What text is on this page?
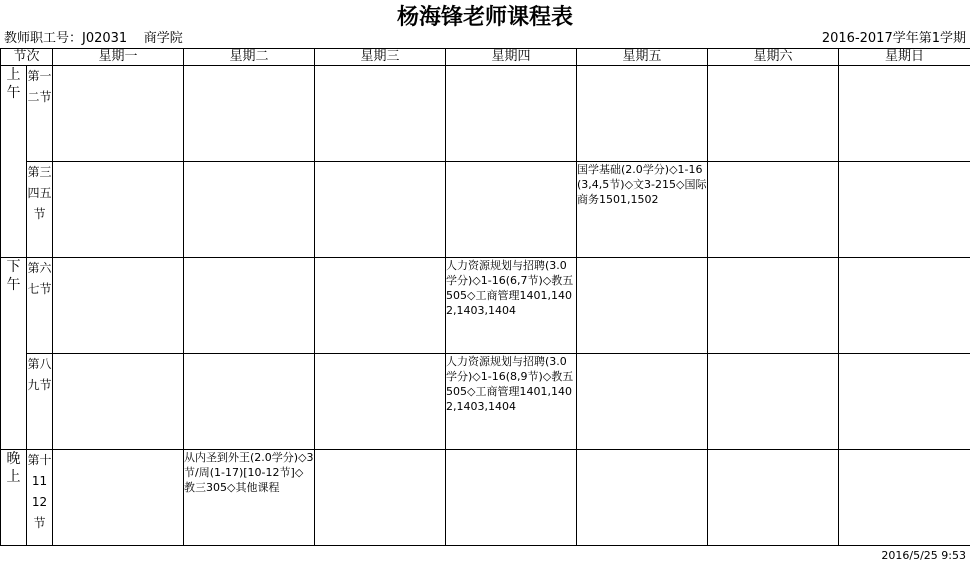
杨海锋老师课程表
教师职工号：J02031    商学院	2016-2017学年第1学期
节次		星期一	星期二	星期三	星期四	星期五	星期六	星期日
上午	第一二节							
	第三四五节					国学基础(2.0学分)◇1-16(3,4,5节)◇文3-215◇国际商务1501,1502		
下午	第六七节				人力资源规划与招聘(3.0学分)◇1-16(6,7节)◇教五505◇工商管理1401,1402,1403,1404			
	第八九节				人力资源规划与招聘(3.0学分)◇1-16(8,9节)◇教五505◇工商管理1401,1402,1403,1404			
晚上	第十11 12节		从内圣到外王(2.0学分)◇3节/周(1-17)[10-12节]◇教三305◇其他课程					
2016/5/25 9:53
